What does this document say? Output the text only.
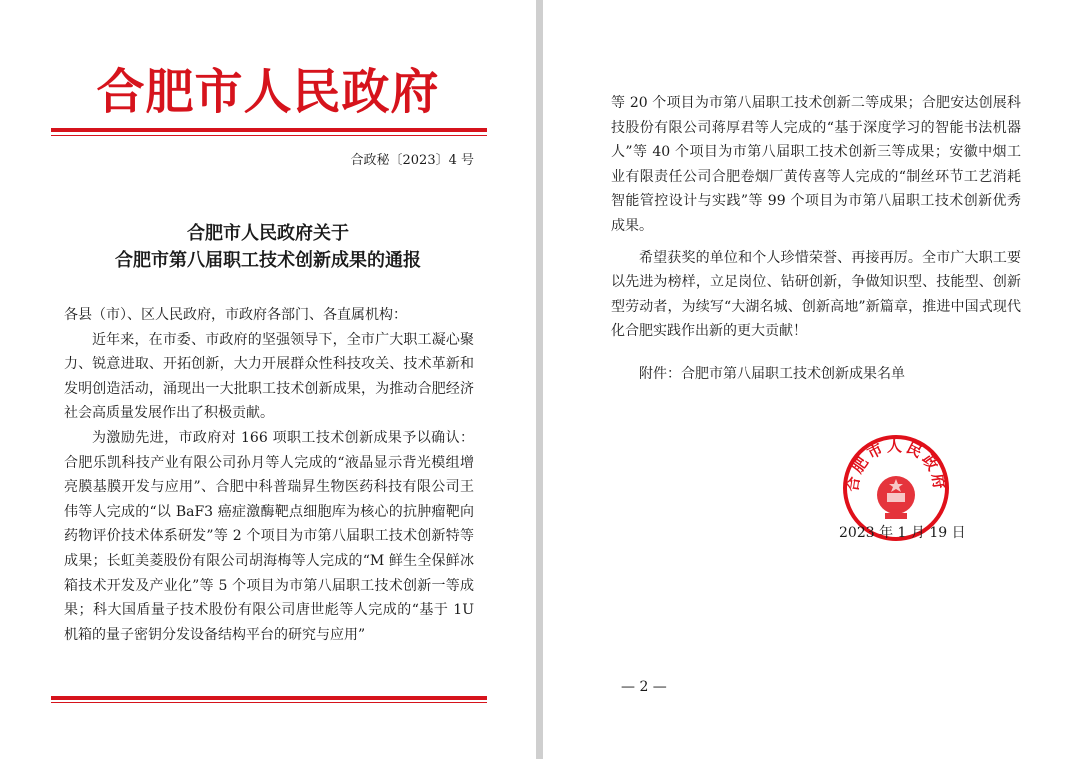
合肥市人民政府
合政秘〔2023〕4 号
合肥市人民政府关于
合肥市第八届职工技术创新成果的通报

各县（市）、区人民政府，市政府各部门、各直属机构：

近年来，在市委、市政府的坚强领导下，全市广大职工凝心聚力、锐意进取、开拓创新，大力开展群众性科技攻关、技术革新和发明创造活动，涌现出一大批职工技术创新成果，为推动合肥经济社会高质量发展作出了积极贡献。

为激励先进，市政府对 166 项职工技术创新成果予以确认：合肥乐凯科技产业有限公司孙月等人完成的“液晶显示背光模组增亮膜基膜开发与应用”、合肥中科普瑞昇生物医药科技有限公司王伟等人完成的“以 BaF3 癌症激酶靶点细胞库为核心的抗肿瘤靶向药物评价技术体系研发”等 2 个项目为市第八届职工技术创新特等成果；长虹美菱股份有限公司胡海梅等人完成的“M 鲜生全保鲜冰箱技术开发及产业化”等 5 个项目为市第八届职工技术创新一等成果；科大国盾量子技术股份有限公司唐世彪等人完成的“基于 1U 机箱的量子密钥分发设备结构平台的研究与应用”

等 20 个项目为市第八届职工技术创新二等成果；合肥安达创展科技股份有限公司蒋厚君等人完成的“基于深度学习的智能书法机器人”等 40 个项目为市第八届职工技术创新三等成果；安徽中烟工业有限责任公司合肥卷烟厂黄传喜等人完成的“制丝环节工艺消耗智能管控设计与实践”等 99 个项目为市第八届职工技术创新优秀成果。

希望获奖的单位和个人珍惜荣誉、再接再厉。全市广大职工要以先进为榜样，立足岗位、钻研创新，争做知识型、技能型、创新型劳动者，为续写“大湖名城、创新高地”新篇章，推进中国式现代化合肥实践作出新的更大贡献！

附件：合肥市第八届职工技术创新成果名单

合肥市人民政府
2023 年 1 月 19 日
— 2 —
